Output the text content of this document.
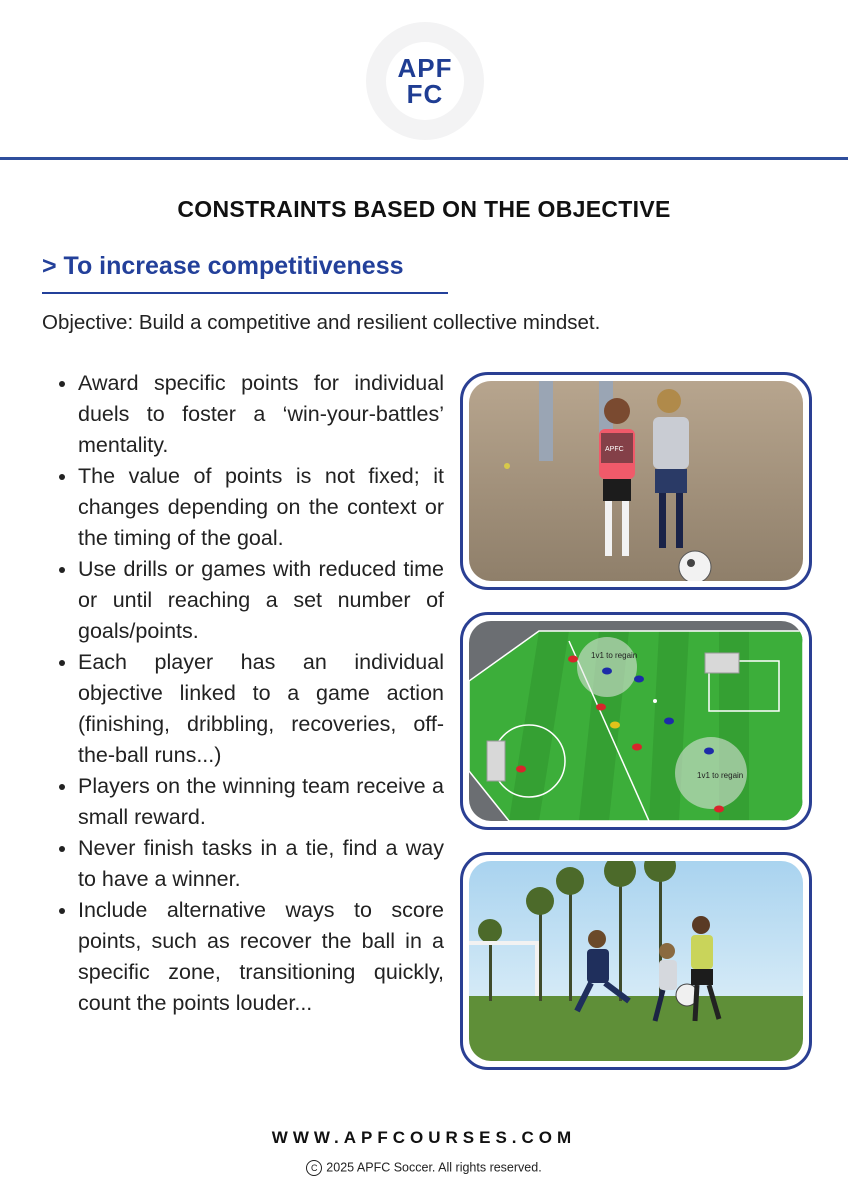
APF
FC
CONSTRAINTS BASED ON THE OBJECTIVE
> To increase competitiveness
Objective: Build a competitive and resilient collective mindset.
• Award specific points for individual duels to foster a ‘win-your-battles’ mentality.
• The value of points is not fixed; it changes depending on the context or the timing of the goal.
• Use drills or games with reduced time or until reaching a set number of goals/points.
• Each player has an individual objective linked to a game action (finishing, dribbling, recoveries, off-the-ball runs...)
• Players on the winning team receive a small reward.
• Never finish tasks in a tie, find a way to have a winner.
• Include alternative ways to score points, such as recover the ball in a specific zone, transitioning quickly, count the points louder...
APFC
1v1 to regain
1v1 to regain
WWW.APFCOURSES.COM
C 2025 APFC Soccer. All rights reserved.
